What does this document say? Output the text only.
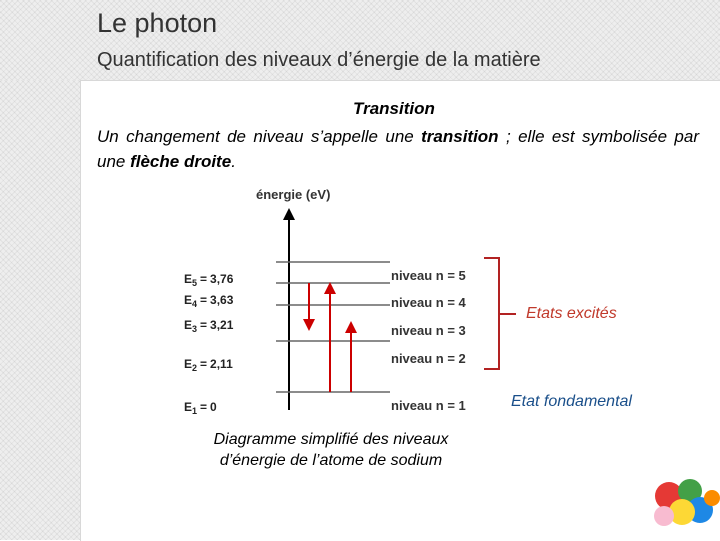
Le photon
Quantification des niveaux d’énergie de la matière
Transition
Un changement de niveau s’appelle une transition ; elle est symbolisée par une flèche droite.
énergie (eV)
$E_5 = 3,76$
$E_4 = 3,63$
$E_3 = 3,21$
$E_2 = 2,11$
$E_1 = 0$
niveau n = 5
niveau n = 4
niveau n = 3
niveau n = 2
niveau n = 1
Etats excités
Etat fondamental
Diagramme simplifié des niveaux
d’énergie de l’atome de sodium
